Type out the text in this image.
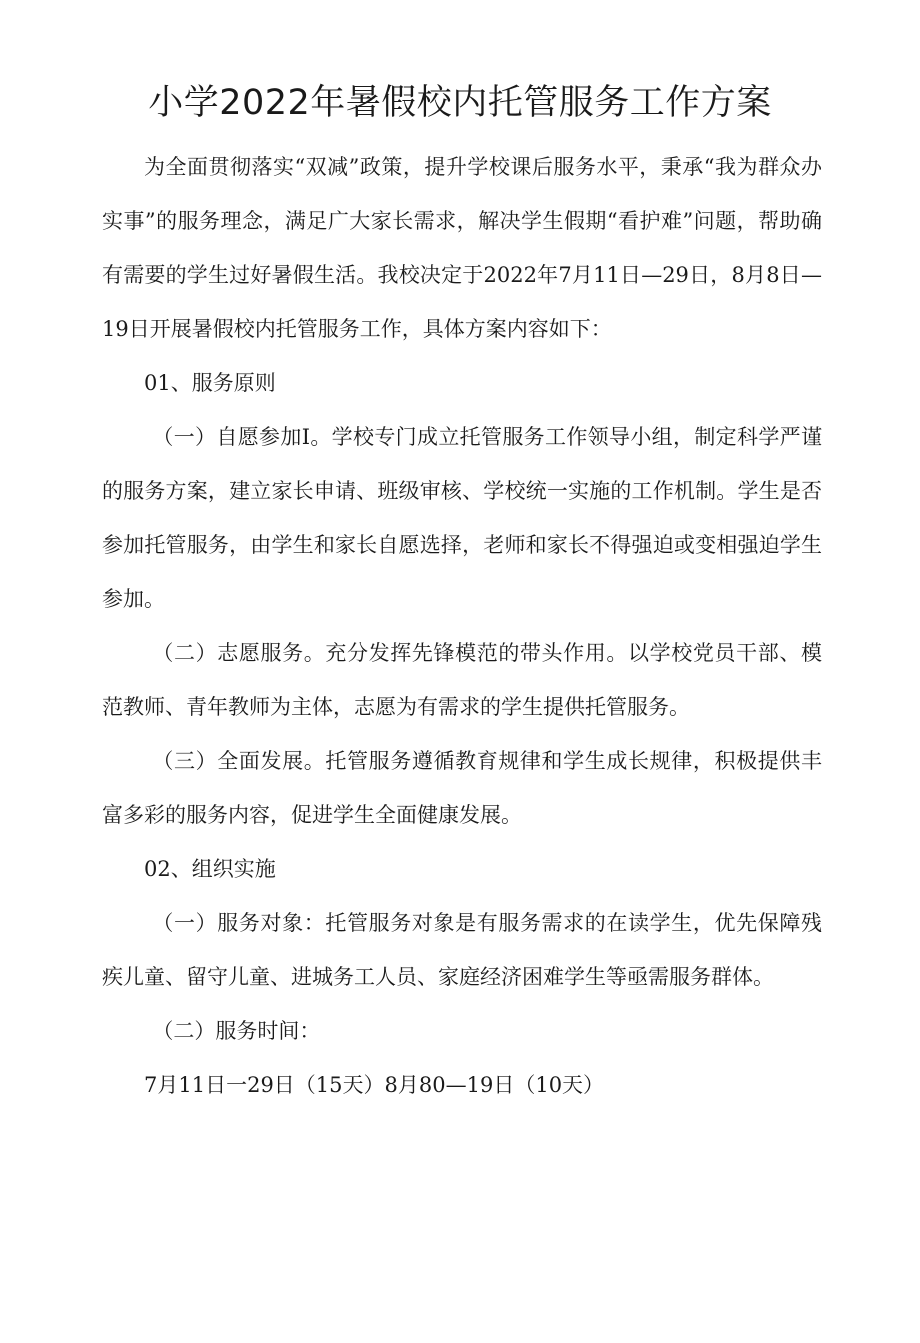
小学2022年暑假校内托管服务工作方案

为全面贯彻落实“双减”政策，提升学校课后服务水平，秉承“我为群众办实事”的服务理念，满足广大家长需求，解决学生假期“看护难”问题，帮助确有需要的学生过好暑假生活。我校决定于2022年7月11日—29日，8月8日—19日开展暑假校内托管服务工作，具体方案内容如下：

01、服务原则

（一）自愿参加Ⅰ。学校专门成立托管服务工作领导小组，制定科学严谨的服务方案，建立家长申请、班级审核、学校统一实施的工作机制。学生是否参加托管服务，由学生和家长自愿选择，老师和家长不得强迫或变相强迫学生参加。

（二）志愿服务。充分发挥先锋模范的带头作用。以学校党员干部、模范教师、青年教师为主体，志愿为有需求的学生提供托管服务。

（三）全面发展。托管服务遵循教育规律和学生成长规律，积极提供丰富多彩的服务内容，促进学生全面健康发展。

02、组织实施

（一）服务对象：托管服务对象是有服务需求的在读学生，优先保障残疾儿童、留守儿童、进城务工人员、家庭经济困难学生等亟需服务群体。

（二）服务时间：

7月11日一29日（15天）8月80—19日（10天）
